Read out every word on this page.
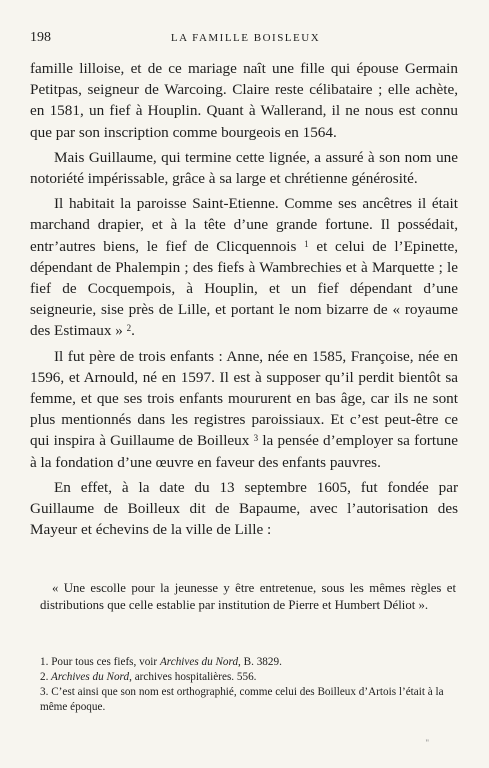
198	LA FAMILLE BOISLEUX

famille lilloise, et de ce mariage naît une fille qui épouse Germain Petitpas, seigneur de Warcoing. Claire reste célibataire ; elle achète, en 1581, un fief à Houplin. Quant à Wallerand, il ne nous est connu que par son inscription comme bourgeois en 1564.

Mais Guillaume, qui termine cette lignée, a assuré à son nom une notoriété impérissable, grâce à sa large et chrétienne générosité.

Il habitait la paroisse Saint-Etienne. Comme ses ancêtres il était marchand drapier, et à la tête d’une grande fortune. Il possédait, entr’autres biens, le fief de Clicquennois $^1$ et celui de l’Epinette, dépendant de Phalempin ; des fiefs à Wambrechies et à Marquette ; le fief de Cocquempois, à Houplin, et un fief dépendant d’une seigneurie, sise près de Lille, et portant le nom bizarre de « royaume des Estimaux » $^2$.

Il fut père de trois enfants : Anne, née en 1585, Françoise, née en 1596, et Arnould, né en 1597. Il est à supposer qu’il perdit bientôt sa femme, et que ses trois enfants moururent en bas âge, car ils ne sont plus mentionnés dans les registres paroissiaux. Et c’est peut-être ce qui inspira à Guillaume de Boilleux $^3$ la pensée d’employer sa fortune à la fondation d’une œuvre en faveur des enfants pauvres.

En effet, à la date du 13 septembre 1605, fut fondée par Guillaume de Boilleux dit de Bapaume, avec l’autorisation des Mayeur et échevins de la ville de Lille :

« Une escolle pour la jeunesse y être entretenue, sous les mêmes règles et distributions que celle establie par institution de Pierre et Humbert Déliot ».

1. Pour tous ces fiefs, voir Archives du Nord, B. 3829.

2. Archives du Nord, archives hospitalières. 556.

3. C’est ainsi que son nom est orthographié, comme celui des Boilleux d’Artois l’était à la même époque.

"
